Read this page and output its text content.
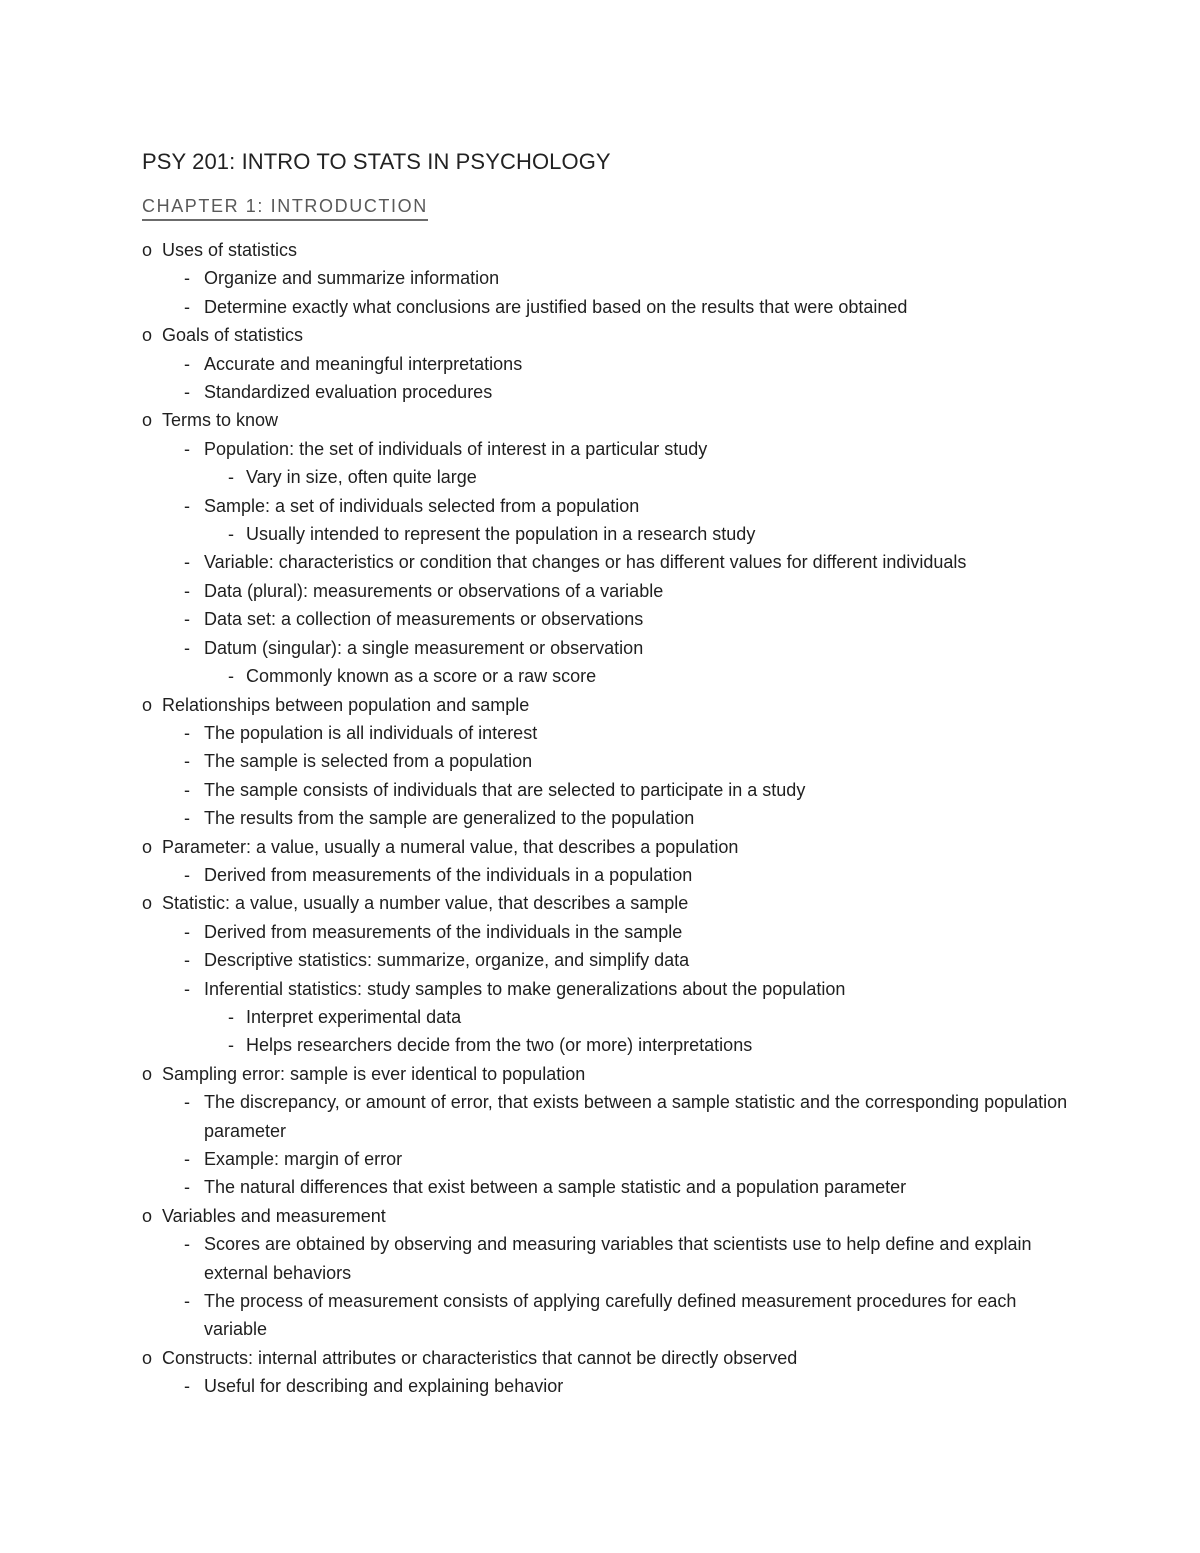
PSY 201: INTRO TO STATS IN PSYCHOLOGY
CHAPTER 1: INTRODUCTION
o Uses of statistics
- Organize and summarize information
- Determine exactly what conclusions are justified based on the results that were obtained
o Goals of statistics
- Accurate and meaningful interpretations
- Standardized evaluation procedures
o Terms to know
- Population: the set of individuals of interest in a particular study
- Vary in size, often quite large
- Sample: a set of individuals selected from a population
- Usually intended to represent the population in a research study
- Variable: characteristics or condition that changes or has different values for different individuals
- Data (plural): measurements or observations of a variable
- Data set: a collection of measurements or observations
- Datum (singular): a single measurement or observation
- Commonly known as a score or a raw score
o Relationships between population and sample
- The population is all individuals of interest
- The sample is selected from a population
- The sample consists of individuals that are selected to participate in a study
- The results from the sample are generalized to the population
o Parameter: a value, usually a numeral value, that describes a population
- Derived from measurements of the individuals in a population
o Statistic: a value, usually a number value, that describes a sample
- Derived from measurements of the individuals in the sample
- Descriptive statistics: summarize, organize, and simplify data
- Inferential statistics: study samples to make generalizations about the population
- Interpret experimental data
- Helps researchers decide from the two (or more) interpretations
o Sampling error: sample is ever identical to population
- The discrepancy, or amount of error, that exists between a sample statistic and the corresponding population parameter
- Example: margin of error
- The natural differences that exist between a sample statistic and a population parameter
o Variables and measurement
- Scores are obtained by observing and measuring variables that scientists use to help define and explain external behaviors
- The process of measurement consists of applying carefully defined measurement procedures for each variable
o Constructs: internal attributes or characteristics that cannot be directly observed
- Useful for describing and explaining behavior
